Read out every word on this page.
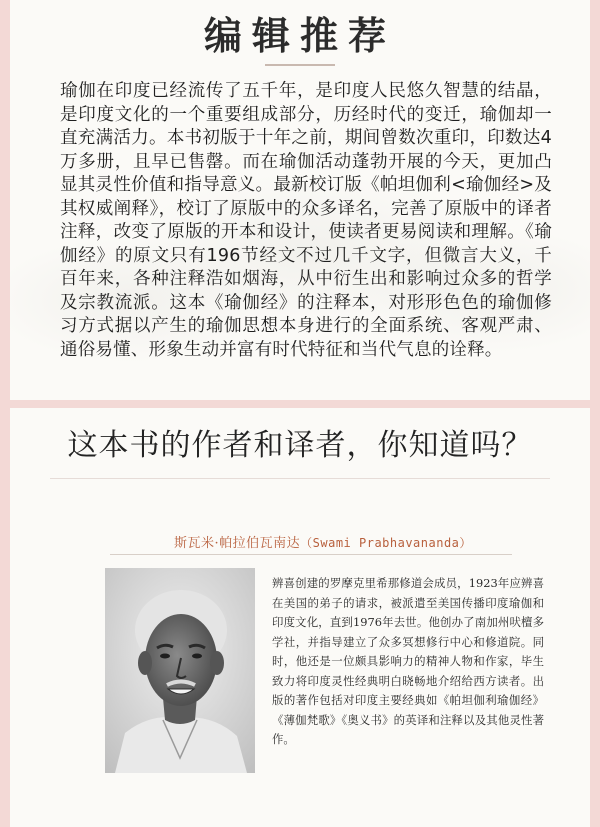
编辑推荐

瑜伽在印度已经流传了五千年，是印度人民悠久智慧的结晶，是印度文化的一个重要组成部分，历经时代的变迁，瑜伽却一直充满活力。本书初版于十年之前，期间曾数次重印，印数达4万多册，且早已售罄。而在瑜伽活动蓬勃开展的今天，更加凸显其灵性价值和指导意义。最新校订版《帕坦伽利<瑜伽经>及其权威阐释》，校订了原版中的众多译名，完善了原版中的译者注释，改变了原版的开本和设计，使读者更易阅读和理解。《瑜伽经》的原文只有196节经文不过几千文字，但微言大义，千百年来，各种注释浩如烟海，从中衍生出和影响过众多的哲学及宗教流派。这本《瑜伽经》的注释本，对形形色色的瑜伽修习方式据以产生的瑜伽思想本身进行的全面系统、客观严肃、通俗易懂、形象生动并富有时代特征和当代气息的诠释。

这本书的作者和译者，你知道吗？
斯瓦米·帕拉伯瓦南达（Swami Prabhavananda）

辨喜创建的罗摩克里希那修道会成员，1923年应辨喜在美国的弟子的请求，被派遣至美国传播印度瑜伽和印度文化，直到1976年去世。他创办了南加州吠檀多学社，并指导建立了众多冥想修行中心和修道院。同时，他还是一位颇具影响力的精神人物和作家，毕生致力将印度灵性经典明白晓畅地介绍给西方读者。出版的著作包括对印度主要经典如《帕坦伽利瑜伽经》《薄伽梵歌》《奥义书》的英译和注释以及其他灵性著作。
